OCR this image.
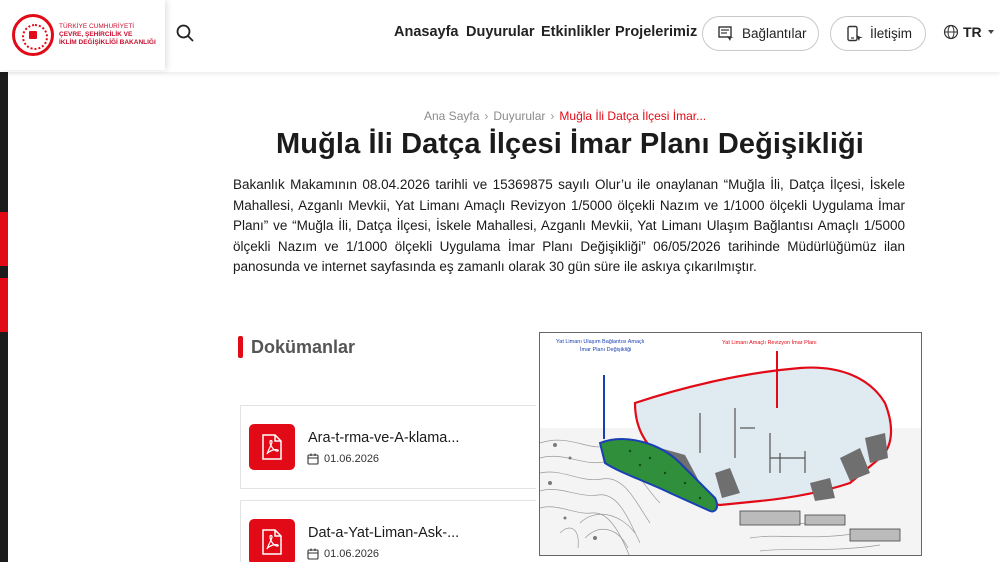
TÜRKİYE CUMHURİYETİ
ÇEVRE, ŞEHİRCİLİK VE
İKLİM DEĞİŞİKLİĞİ BAKANLIĞI
Anasayfa Duyurular Etkinlikler Projelerimiz	Bağlantılar	İletişim	TR
Ana Sayfa › Duyurular › Muğla İli Datça İlçesi İmar...
Muğla İli Datça İlçesi İmar Planı Değişikliği

Bakanlık Makamının 08.04.2026 tarihli ve 15369875 sayılı Olur’u ile onaylanan “Muğla İli, Datça İlçesi, İskele Mahallesi, Azganlı Mevkii, Yat Limanı Amaçlı Revizyon 1/5000 ölçekli Nazım ve 1/1000 ölçekli Uygulama İmar Planı” ve “Muğla İli, Datça İlçesi, İskele Mahallesi, Azganlı Mevkii, Yat Limanı Ulaşım Bağlantısı Amaçlı 1/5000 ölçekli Nazım ve 1/1000 ölçekli Uygulama İmar Planı Değişikliği” 06/05/2026 tarihinde Müdürlüğümüz ilan panosunda ve internet sayfasında eş zamanlı olarak 30 gün süre ile askıya çıkarılmıştır.

Dokümanlar
Ara-t-rma-ve-A-klama...
01.06.2026
Dat-a-Yat-Liman-Ask-...
01.06.2026
Yat Limanı Ulaşım Bağlantısı Amaçlı
İmar Planı Değişikliği
Yat Limanı Amaçlı Revizyon İmar Planı
